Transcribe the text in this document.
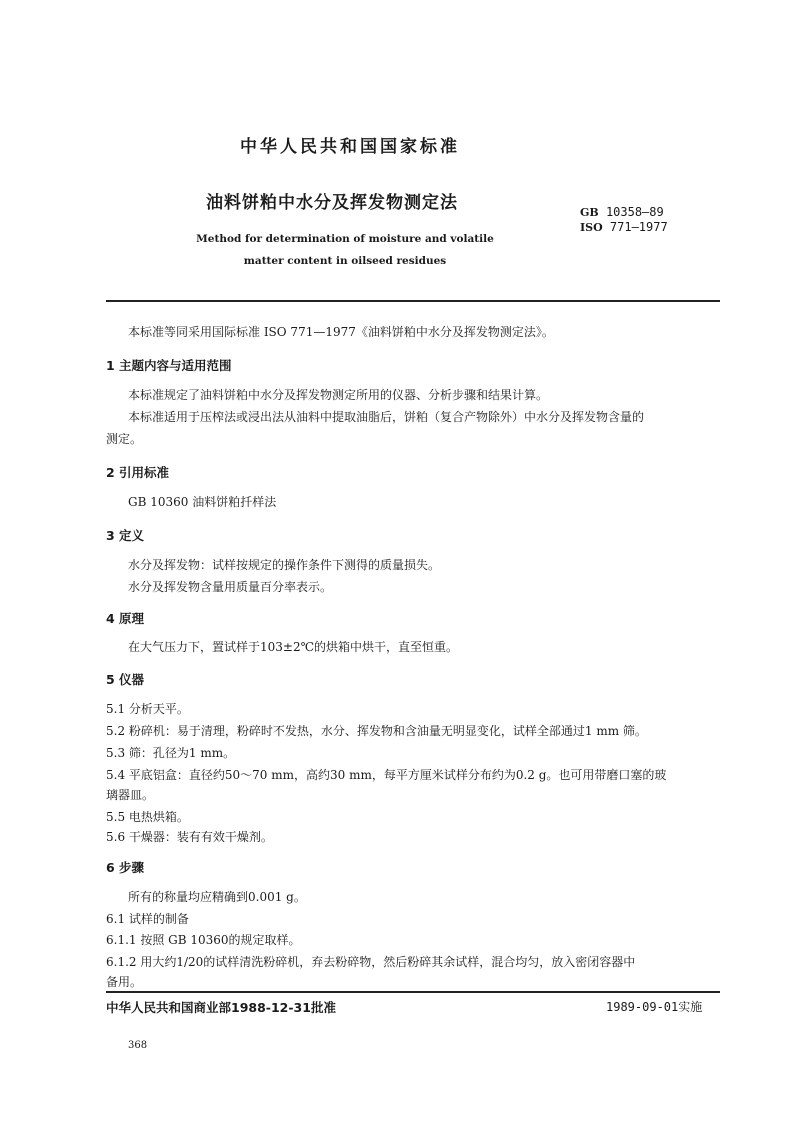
中华人民共和国国家标准
油料饼粕中水分及挥发物测定法	GB 10358—89
ISO 771—1977
Method for determination of moisture and volatile
matter content in oilseed residues
本标准等同采用国际标准 ISO 771—1977《油料饼粕中水分及挥发物测定法》。
1 主题内容与适用范围
本标准规定了油料饼粕中水分及挥发物测定所用的仪器、分析步骤和结果计算。
本标准适用于压榨法或浸出法从油料中提取油脂后，饼粕（复合产物除外）中水分及挥发物含量的
测定。
2 引用标准
GB 10360 油料饼粕扦样法
3 定义
水分及挥发物：试样按规定的操作条件下测得的质量损失。
水分及挥发物含量用质量百分率表示。
4 原理
在大气压力下，置试样于103±2℃的烘箱中烘干，直至恒重。
5 仪器
5.1 分析天平。
5.2 粉碎机：易于清理，粉碎时不发热，水分、挥发物和含油量无明显变化，试样全部通过1 mm 筛。
5.3 筛：孔径为1 mm。
5.4 平底铝盒：直径约50～70 mm，高约30 mm，每平方厘米试样分布约为0.2 g。也可用带磨口塞的玻
璃器皿。
5.5 电热烘箱。
5.6 干燥器：装有有效干燥剂。
6 步骤
所有的称量均应精确到0.001 g。
6.1 试样的制备
6.1.1 按照 GB 10360的规定取样。
6.1.2 用大约1/20的试样清洗粉碎机，弃去粉碎物，然后粉碎其余试样，混合均匀，放入密闭容器中
备用。
中华人民共和国商业部1988-12-31批准	1989-09-01实施
368
